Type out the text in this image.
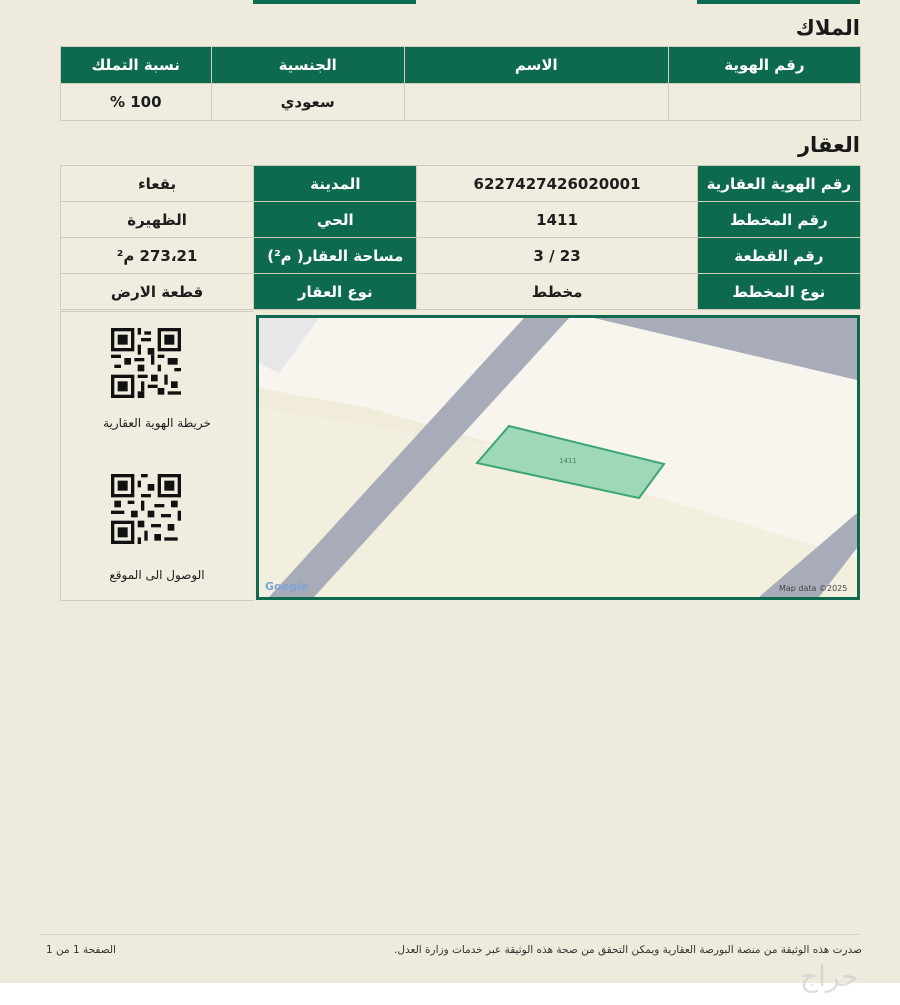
الملاك
رقم الهوية	الاسم	الجنسية	نسبة التملك
		سعودي	100 %
العقار
رقم الهوية العقارية	6227427426020001	المدينة	بقعاء
رقم المخطط	1411	الحي	الظهيرة
رقم القطعة	23 / 3	مساحة العقار( م²)	273،21 م²
نوع المخطط	مخطط	نوع العقار	قطعة الارض
خريطة الهوية العقارية
الوصول الى الموقع
1411
Google	Map data ©2025
صدرت هذه الوثيقة من منصة البورصة العقارية ويمكن التحقق من صحة هذه الوثيقة عبر خدمات وزارة العدل.
الصفحة 1 من 1
حراج
